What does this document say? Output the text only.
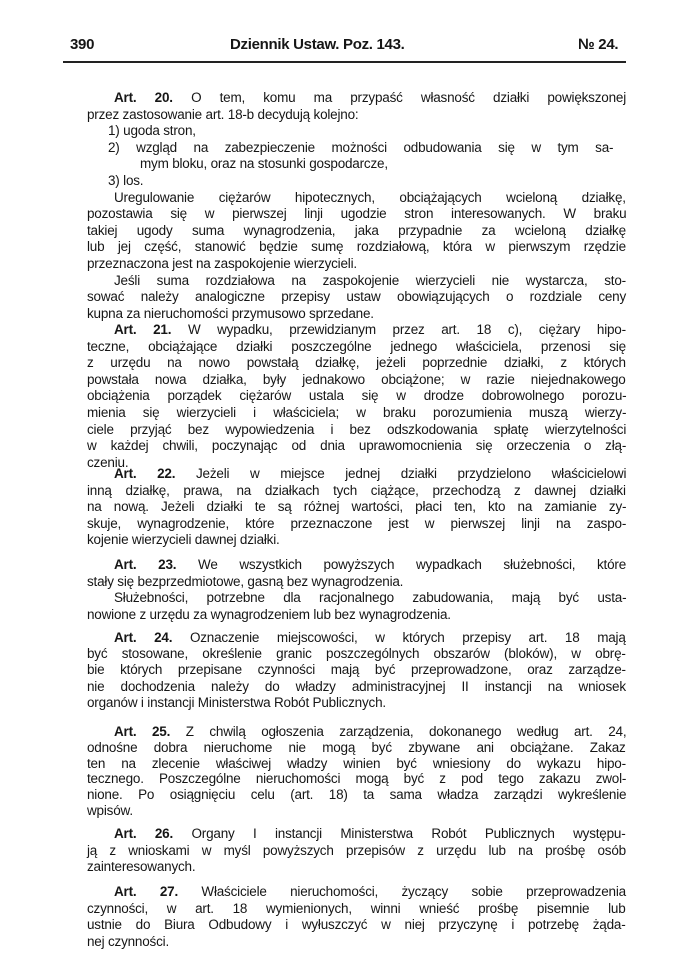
390	Dziennik Ustaw. Poz. 143.	№ 24.
Art. 20. O tem, komu ma przypaść własność działki powiększonej
przez zastosowanie art. 18-b decydują kolejno:
1) ugoda stron,
2) wzgląd na zabezpieczenie możności odbudowania się w tym sa-
mym bloku, oraz na stosunki gospodarcze,
3) los.
Uregulowanie ciężarów hipotecznych, obciążających wcieloną działkę,
pozostawia się w pierwszej linji ugodzie stron interesowanych. W braku
takiej ugody suma wynagrodzenia, jaka przypadnie za wcieloną działkę
lub jej część, stanowić będzie sumę rozdziałową, która w pierwszym rzędzie
przeznaczona jest na zaspokojenie wierzycieli.
Jeśli suma rozdziałowa na zaspokojenie wierzycieli nie wystarcza, sto-
sować należy analogiczne przepisy ustaw obowiązujących o rozdziale ceny
kupna za nieruchomości przymusowo sprzedane.
Art. 21. W wypadku, przewidzianym przez art. 18 c), ciężary hipo-
teczne, obciążające działki poszczególne jednego właściciela, przenosi się
z urzędu na nowo powstałą działkę, jeżeli poprzednie działki, z których
powstała nowa działka, były jednakowo obciążone; w razie niejednakowego
obciążenia porządek ciężarów ustala się w drodze dobrowolnego porozu-
mienia się wierzycieli i właściciela; w braku porozumienia muszą wierzy-
ciele przyjąć bez wypowiedzenia i bez odszkodowania spłatę wierzytelności
w każdej chwili, poczynając od dnia uprawomocnienia się orzeczenia o złą-
czeniu.
Art. 22. Jeżeli w miejsce jednej działki przydzielono właścicielowi
inną działkę, prawa, na działkach tych ciążące, przechodzą z dawnej działki
na nową. Jeżeli działki te są różnej wartości, płaci ten, kto na zamianie zy-
skuje, wynagrodzenie, które przeznaczone jest w pierwszej linji na zaspo-
kojenie wierzycieli dawnej działki.
Art. 23. We wszystkich powyższych wypadkach służebności, które
stały się bezprzedmiotowe, gasną bez wynagrodzenia.
Służebności, potrzebne dla racjonalnego zabudowania, mają być usta-
nowione z urzędu za wynagrodzeniem lub bez wynagrodzenia.
Art. 24. Oznaczenie miejscowości, w których przepisy art. 18 mają
być stosowane, określenie granic poszczególnych obszarów (bloków), w obrę-
bie których przepisane czynności mają być przeprowadzone, oraz zarządze-
nie dochodzenia należy do władzy administracyjnej II instancji na wniosek
organów i instancji Ministerstwa Robót Publicznych.
Art. 25. Z chwilą ogłoszenia zarządzenia, dokonanego według art. 24,
odnośne dobra nieruchome nie mogą być zbywane ani obciążane. Zakaz
ten na zlecenie właściwej władzy winien być wniesiony do wykazu hipo-
tecznego. Poszczególne nieruchomości mogą być z pod tego zakazu zwol-
nione. Po osiągnięciu celu (art. 18) ta sama władza zarządzi wykreślenie
wpisów.
Art. 26. Organy I instancji Ministerstwa Robót Publicznych występu-
ją z wnioskami w myśl powyższych przepisów z urzędu lub na prośbę osób
zainteresowanych.
Art. 27. Właściciele nieruchomości, życzący sobie przeprowadzenia
czynności, w art. 18 wymienionych, winni wnieść prośbę pisemnie lub
ustnie do Biura Odbudowy i wyłuszczyć w niej przyczynę i potrzebę żąda-
nej czynności.
